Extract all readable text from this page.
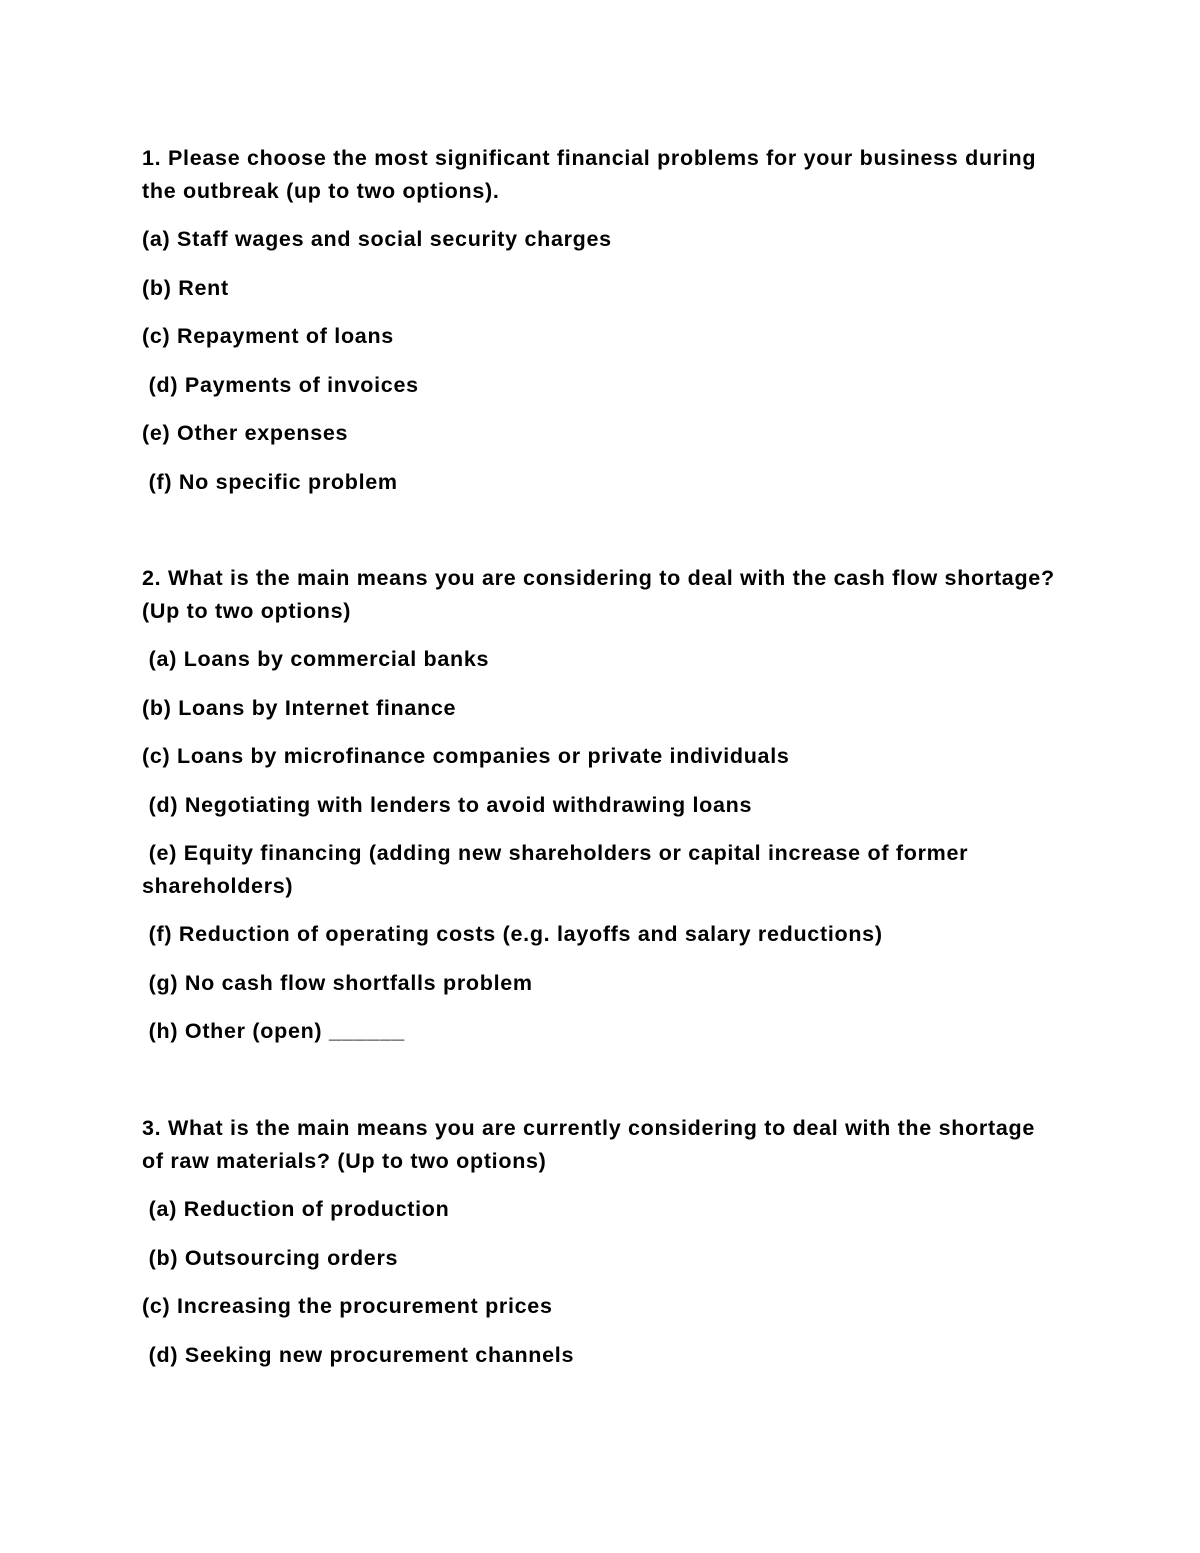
1. Please choose the most significant financial problems for your business during the outbreak (up to two options).

(a) Staff wages and social security charges

(b) Rent

(c) Repayment of loans

(d) Payments of invoices

(e) Other expenses

(f) No specific problem

2. What is the main means you are considering to deal with the cash flow shortage? (Up to two options)

(a) Loans by commercial banks

(b) Loans by Internet finance

(c) Loans by microfinance companies or private individuals

(d) Negotiating with lenders to avoid withdrawing loans

(e) Equity financing (adding new shareholders or capital increase of former shareholders)

(f) Reduction of operating costs (e.g. layoffs and salary reductions)

(g) No cash flow shortfalls problem

(h) Other (open) ______

3. What is the main means you are currently considering to deal with the shortage of raw materials? (Up to two options)

(a) Reduction of production

(b) Outsourcing orders

(c) Increasing the procurement prices

(d) Seeking new procurement channels
